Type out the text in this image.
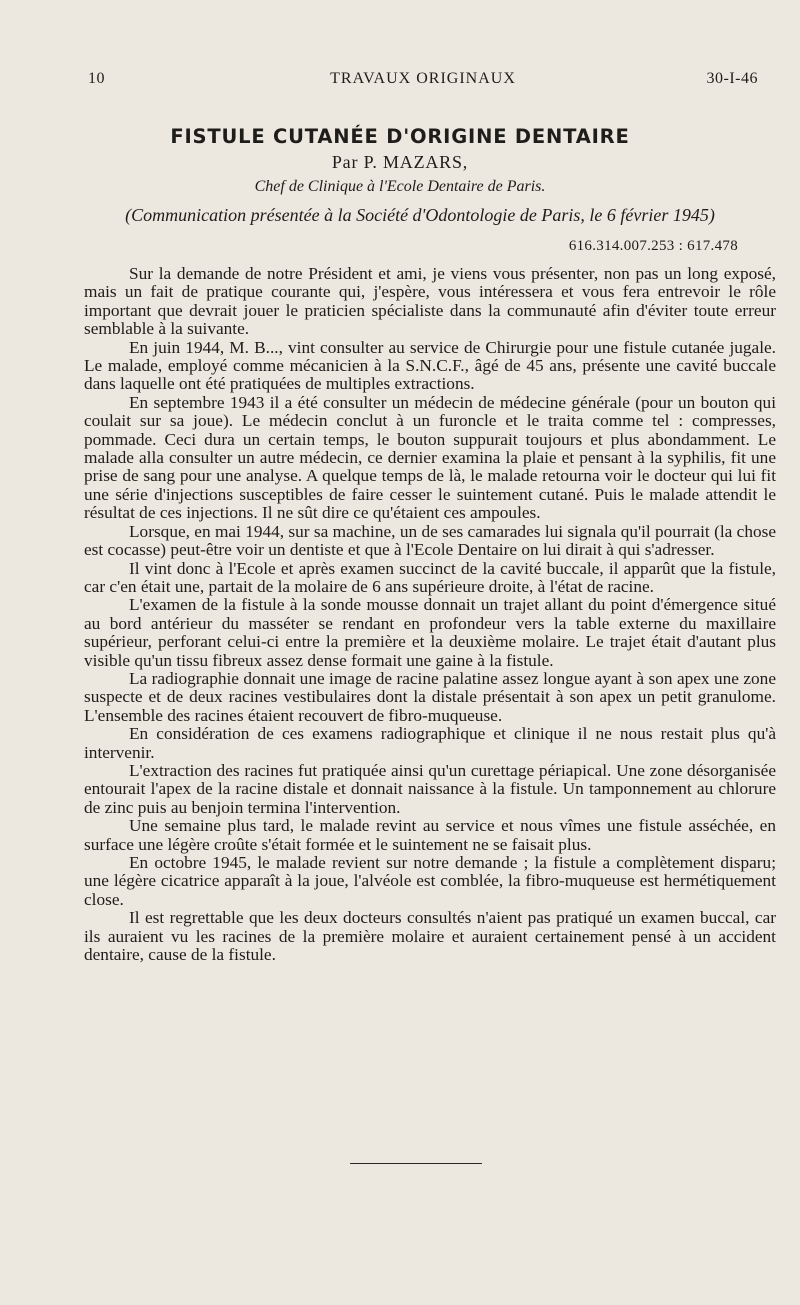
10	TRAVAUX ORIGINAUX	30-I-46
FISTULE CUTANÉE D'ORIGINE DENTAIRE
Par P. MAZARS,
Chef de Clinique à l'Ecole Dentaire de Paris.
(Communication présentée à la Société d'Odontologie de Paris, le 6 février 1945)
616.314.007.253 : 617.478

Sur la demande de notre Président et ami, je viens vous présenter, non pas un long exposé, mais un fait de pratique courante qui, j'espère, vous intéressera et vous fera entrevoir le rôle important que devrait jouer le praticien spécialiste dans la communauté afin d'éviter toute erreur semblable à la suivante.

En juin 1944, M. B..., vint consulter au service de Chirurgie pour une fistule cutanée jugale. Le malade, employé comme mécanicien à la S.N.C.F., âgé de 45 ans, présente une cavité buccale dans laquelle ont été pratiquées de multiples extractions.

En septembre 1943 il a été consulter un médecin de médecine générale (pour un bouton qui coulait sur sa joue). Le médecin conclut à un furoncle et le traita comme tel : compresses, pommade. Ceci dura un certain temps, le bouton suppurait toujours et plus abondamment. Le malade alla consulter un autre médecin, ce dernier examina la plaie et pensant à la syphilis, fit une prise de sang pour une analyse. A quelque temps de là, le malade retourna voir le docteur qui lui fit une série d'injections susceptibles de faire cesser le suintement cutané. Puis le malade attendit le résultat de ces injections. Il ne sût dire ce qu'étaient ces ampoules.

Lorsque, en mai 1944, sur sa machine, un de ses camarades lui signala qu'il pourrait (la chose est cocasse) peut-être voir un dentiste et que à l'Ecole Dentaire on lui dirait à qui s'adresser.

Il vint donc à l'Ecole et après examen succinct de la cavité buccale, il apparût que la fistule, car c'en était une, partait de la molaire de 6 ans supérieure droite, à l'état de racine.

L'examen de la fistule à la sonde mousse donnait un trajet allant du point d'émergence situé au bord antérieur du masséter se rendant en profondeur vers la table externe du maxillaire supérieur, perforant celui-ci entre la première et la deuxième molaire. Le trajet était d'autant plus visible qu'un tissu fibreux assez dense formait une gaine à la fistule.

La radiographie donnait une image de racine palatine assez longue ayant à son apex une zone suspecte et de deux racines vestibulaires dont la distale présentait à son apex un petit granulome. L'ensemble des racines étaient recouvert de fibro-muqueuse.

En considération de ces examens radiographique et clinique il ne nous restait plus qu'à intervenir.

L'extraction des racines fut pratiquée ainsi qu'un curettage périapical. Une zone désorganisée entourait l'apex de la racine distale et donnait naissance à la fistule. Un tamponnement au chlorure de zinc puis au benjoin termina l'intervention.

Une semaine plus tard, le malade revint au service et nous vîmes une fistule asséchée, en surface une légère croûte s'était formée et le suintement ne se faisait plus.

En octobre 1945, le malade revient sur notre demande ; la fistule a complètement disparu; une légère cicatrice apparaît à la joue, l'alvéole est comblée, la fibro-muqueuse est hermétiquement close.

Il est regrettable que les deux docteurs consultés n'aient pas pratiqué un examen buccal, car ils auraient vu les racines de la première molaire et auraient certainement pensé à un accident dentaire, cause de la fistule.
